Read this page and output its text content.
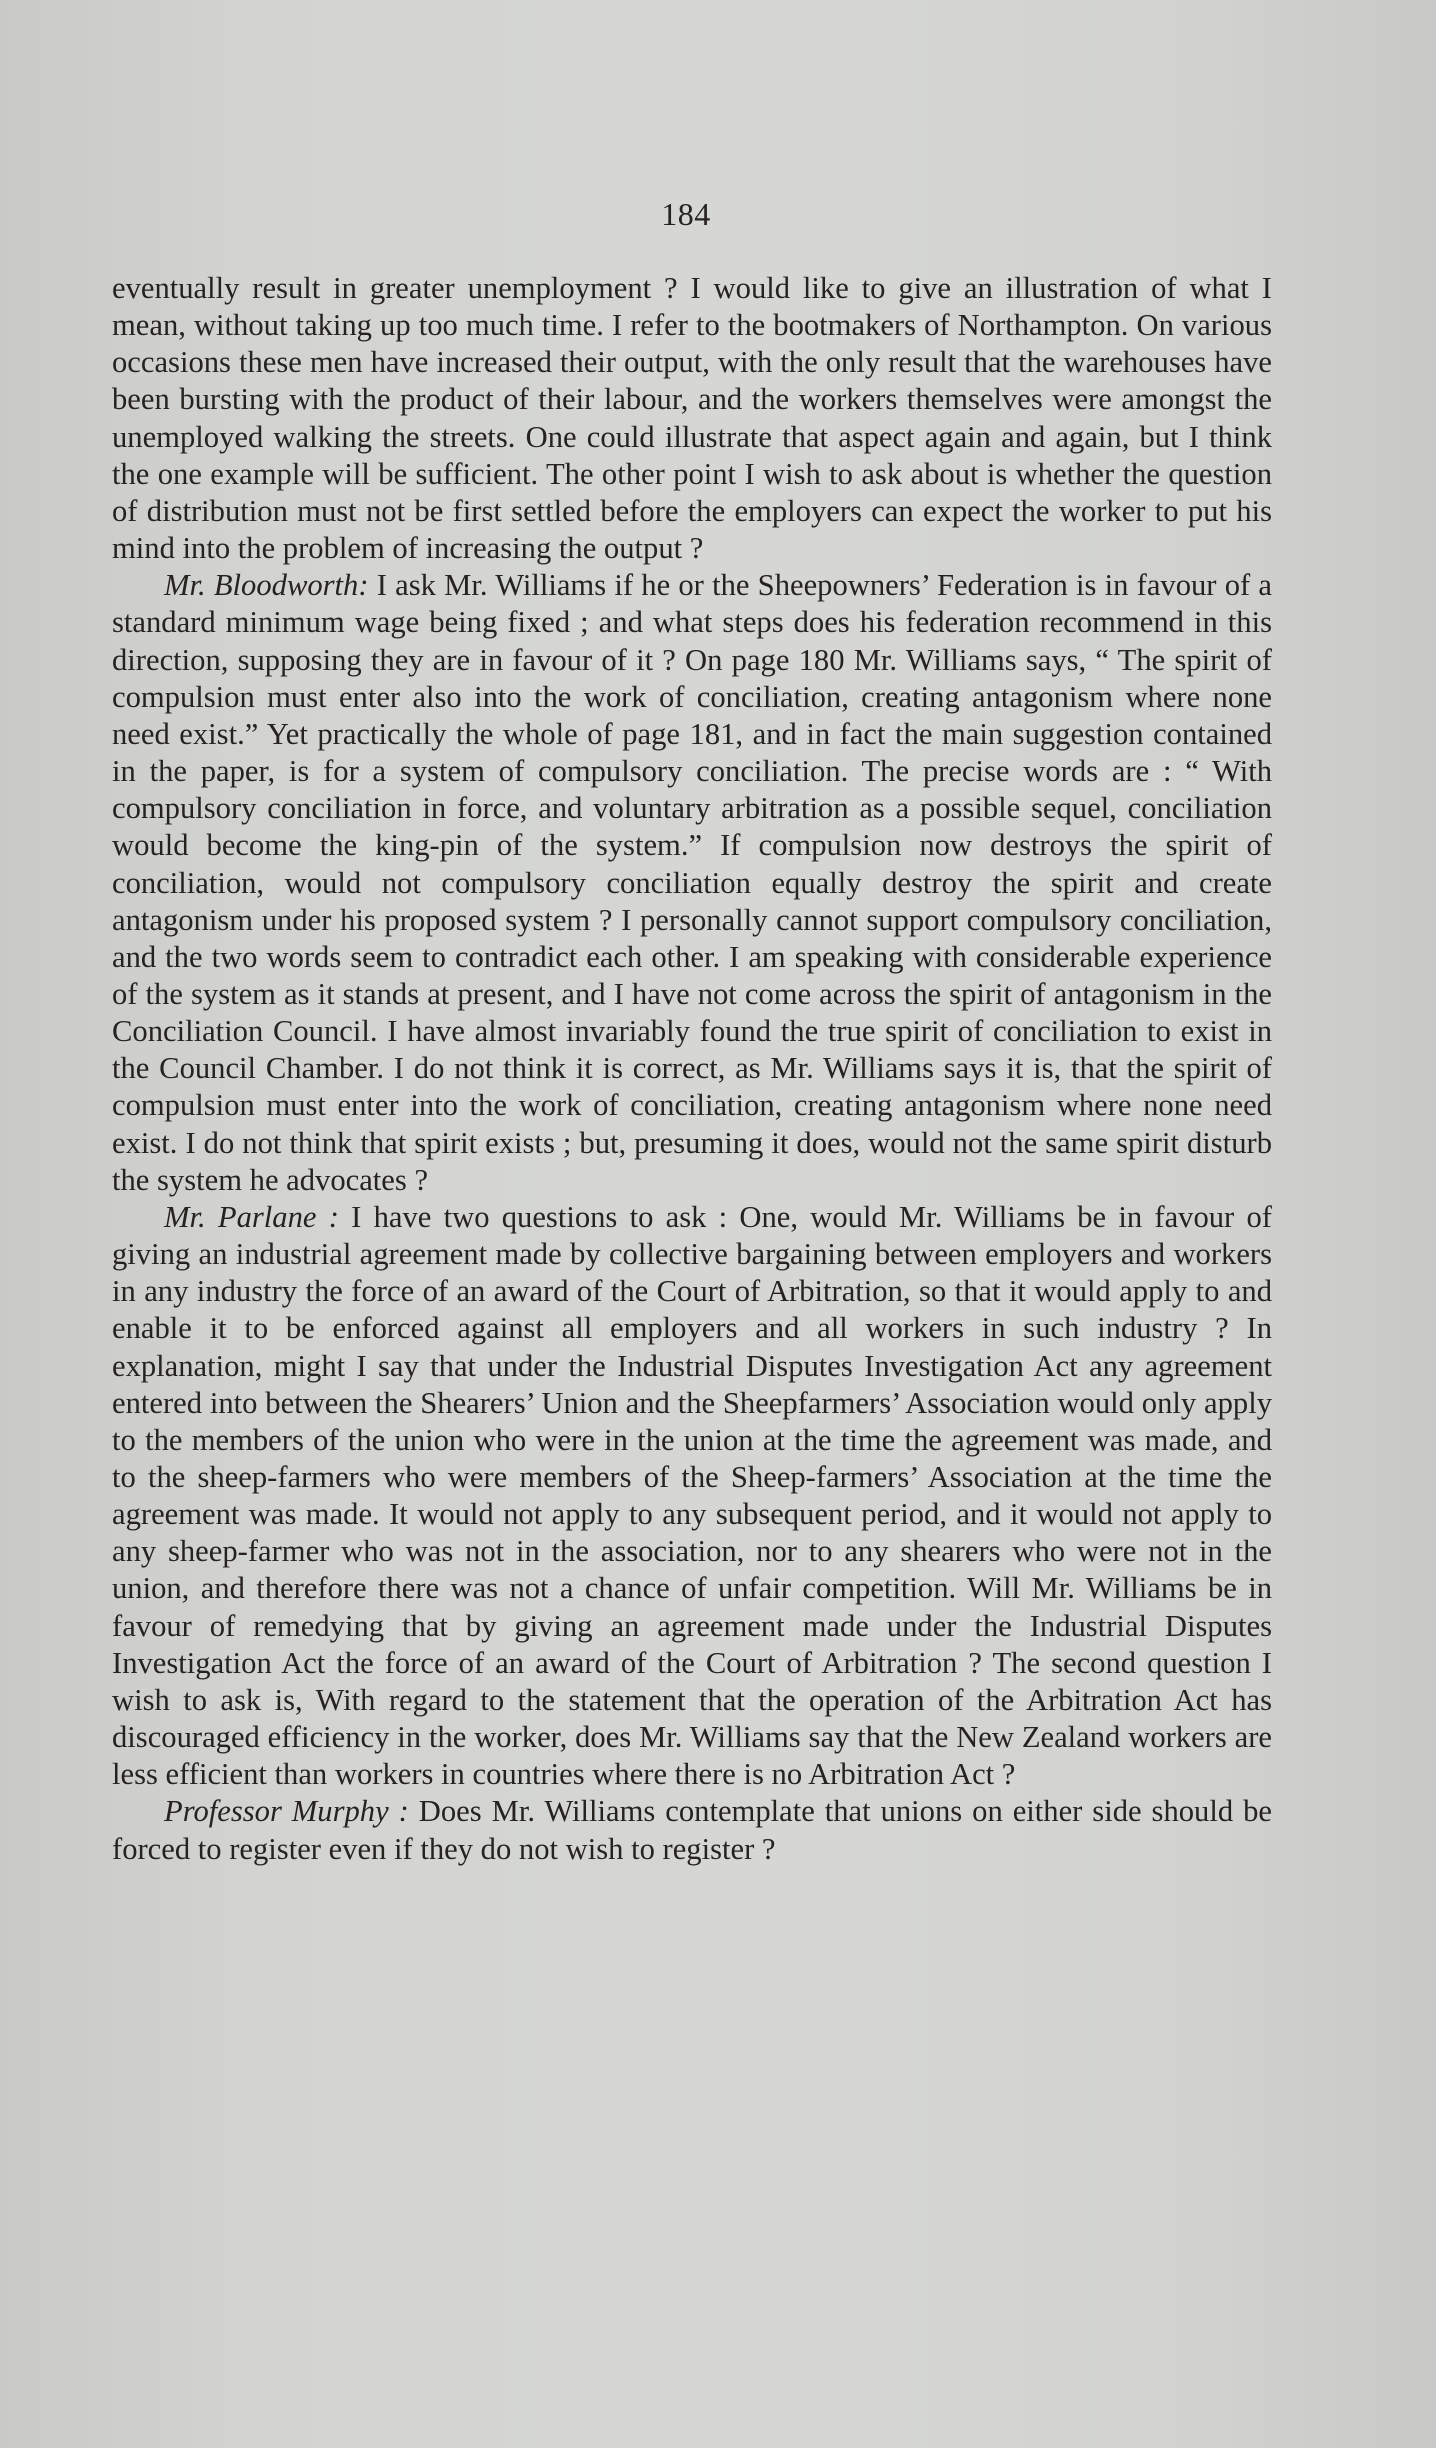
184

eventually result in greater unemployment ? I would like to give an illustration of what I mean, without taking up too much time. I refer to the bootmakers of Northampton. On various occasions these men have increased their output, with the only result that the warehouses have been bursting with the product of their labour, and the workers themselves were amongst the unemployed walking the streets. One could illustrate that aspect again and again, but I think the one example will be sufficient. The other point I wish to ask about is whether the question of distribution must not be first settled before the employers can expect the worker to put his mind into the problem of increasing the output ?

Mr. Bloodworth: I ask Mr. Williams if he or the Sheepowners’ Federation is in favour of a standard minimum wage being fixed ; and what steps does his federation recommend in this direction, supposing they are in favour of it ? On page 180 Mr. Williams says, “ The spirit of compulsion must enter also into the work of conciliation, creating antagonism where none need exist.” Yet practically the whole of page 181, and in fact the main suggestion contained in the paper, is for a system of compulsory conciliation. The precise words are : “ With compulsory conciliation in force, and voluntary arbitration as a possible sequel, conciliation would become the king-pin of the system.” If compulsion now destroys the spirit of conciliation, would not compulsory conciliation equally destroy the spirit and create antagonism under his proposed system ? I personally cannot support compulsory conciliation, and the two words seem to contradict each other. I am speaking with considerable experience of the system as it stands at present, and I have not come across the spirit of antagonism in the Conciliation Council. I have almost invariably found the true spirit of conciliation to exist in the Council Chamber. I do not think it is correct, as Mr. Williams says it is, that the spirit of compulsion must enter into the work of conciliation, creating antagonism where none need exist. I do not think that spirit exists ; but, presuming it does, would not the same spirit disturb the system he advocates ?

Mr. Parlane : I have two questions to ask : One, would Mr. Williams be in favour of giving an industrial agreement made by collective bargaining between employers and workers in any industry the force of an award of the Court of Arbitration, so that it would apply to and enable it to be enforced against all employers and all workers in such industry ? In explanation, might I say that under the Industrial Disputes Investigation Act any agreement entered into between the Shearers’ Union and the Sheepfarmers’ Association would only apply to the members of the union who were in the union at the time the agreement was made, and to the sheep-farmers who were members of the Sheep-farmers’ Association at the time the agreement was made. It would not apply to any subsequent period, and it would not apply to any sheep-farmer who was not in the association, nor to any shearers who were not in the union, and therefore there was not a chance of unfair competition. Will Mr. Williams be in favour of remedying that by giving an agreement made under the Industrial Disputes Investigation Act the force of an award of the Court of Arbitration ? The second question I wish to ask is, With regard to the statement that the operation of the Arbitration Act has discouraged efficiency in the worker, does Mr. Williams say that the New Zealand workers are less efficient than workers in countries where there is no Arbitration Act ?

Professor Murphy : Does Mr. Williams contemplate that unions on either side should be forced to register even if they do not wish to register ?
